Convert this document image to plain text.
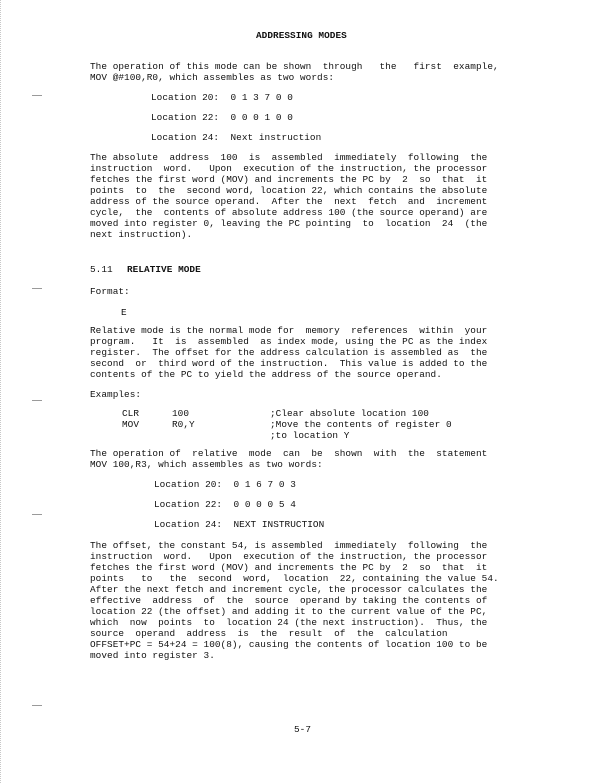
ADDRESSING MODES
The operation of this mode can be shown  through   the   first  example,
MOV @#100,R0, which assembles as two words:
Location 20:  0 1 3 7 0 0
Location 22:  0 0 0 1 0 0
Location 24:  Next instruction
The absolute  address  100  is  assembled  immediately  following  the
instruction  word.   Upon  execution of the instruction, the processor
fetches the first word (MOV) and increments the PC by  2  so  that  it
points  to  the  second word, location 22, which contains the absolute
address of the source operand.  After the  next  fetch  and  increment
cycle,  the  contents of absolute address 100 (the source operand) are
moved into register 0, leaving the PC pointing  to  location  24  (the
next instruction).
5.11 RELATIVE MODE
Format:
E
Relative mode is the normal mode for  memory  references  within  your
program.   It  is  assembled  as index mode, using the PC as the index
register.  The offset for the address calculation is assembled as  the
second  or  third word of the instruction.  This value is added to the
contents of the PC to yield the address of the source operand.
Examples:
CLR	100	;Clear absolute location 100
MOV	R0,Y	;Move the contents of register 0
;to location Y
The operation of  relative  mode  can  be  shown  with  the  statement
MOV 100,R3, which assembles as two words:
Location 20:  0 1 6 7 0 3
Location 22:  0 0 0 0 5 4
Location 24:  NEXT INSTRUCTION
The offset, the constant 54, is assembled  immediately  following  the
instruction  word.   Upon  execution of the instruction, the processor
fetches the first word (MOV) and increments the PC by  2  so  that  it
points   to   the  second  word,  location  22, containing the value 54.
After the next fetch and increment cycle, the processor calculates the
effective  address  of  the  source  operand by taking the contents of
location 22 (the offset) and adding it to the current value of the PC,
which  now  points  to  location 24 (the next instruction).  Thus, the
source  operand  address  is  the  result  of  the  calculation
OFFSET+PC = 54+24 = 100(8), causing the contents of location 100 to be
moved into register 3.
5-7
